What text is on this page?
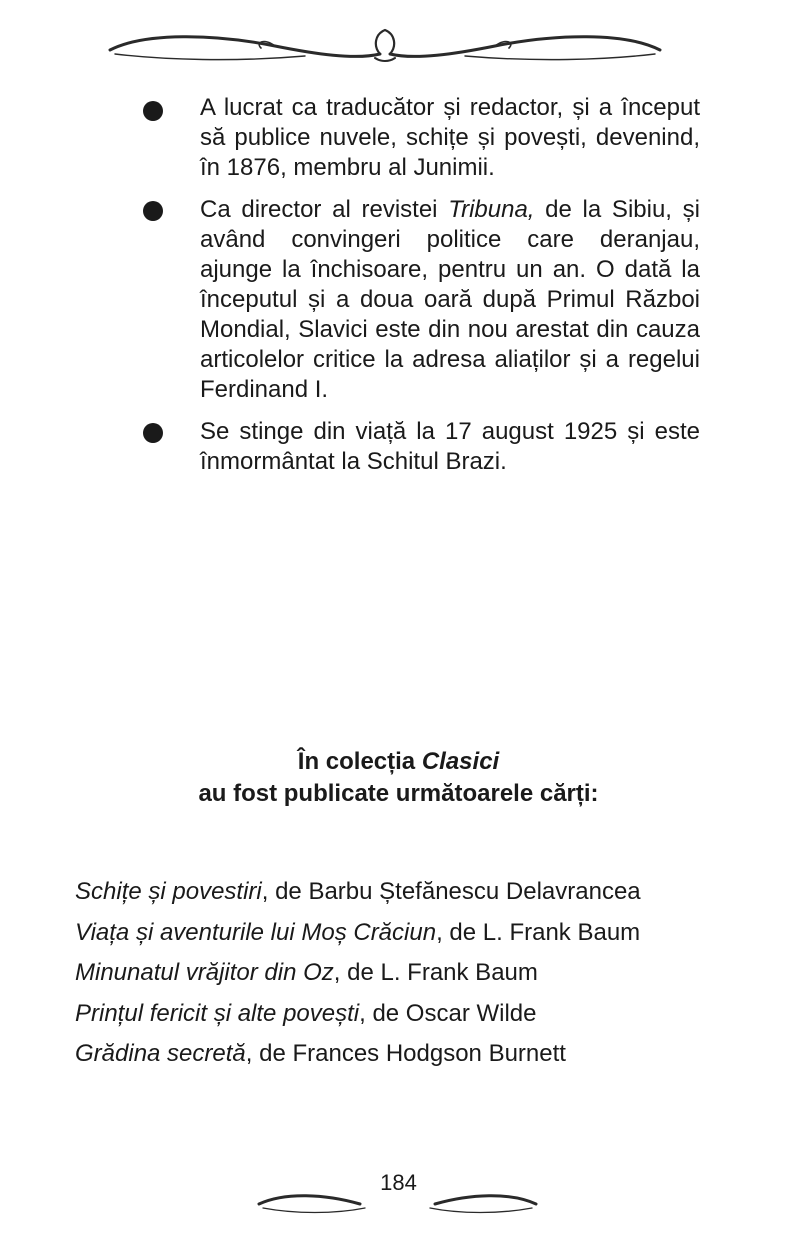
A lucrat ca traducător și redactor, și a început să publice nuvele, schițe și povești, devenind, în 1876, membru al Junimii.
Ca director al revistei Tribuna, de la Sibiu, și având convingeri politice care deranjau, ajunge la închisoare, pentru un an. O dată la începutul și a doua oară după Primul Război Mondial, Slavici este din nou arestat din cauza articolelor critice la adresa aliaților și a regelui Ferdinand I.
Se stinge din viață la 17 august 1925 și este înmormântat la Schitul Brazi.
În colecția Clasici
au fost publicate următoarele cărți:
Schițe și povestiri, de Barbu Ștefănescu Delavrancea
Viața și aventurile lui Moș Crăciun, de L. Frank Baum
Minunatul vrăjitor din Oz, de L. Frank Baum
Prințul fericit și alte povești, de Oscar Wilde
Grădina secretă, de Frances Hodgson Burnett
184
